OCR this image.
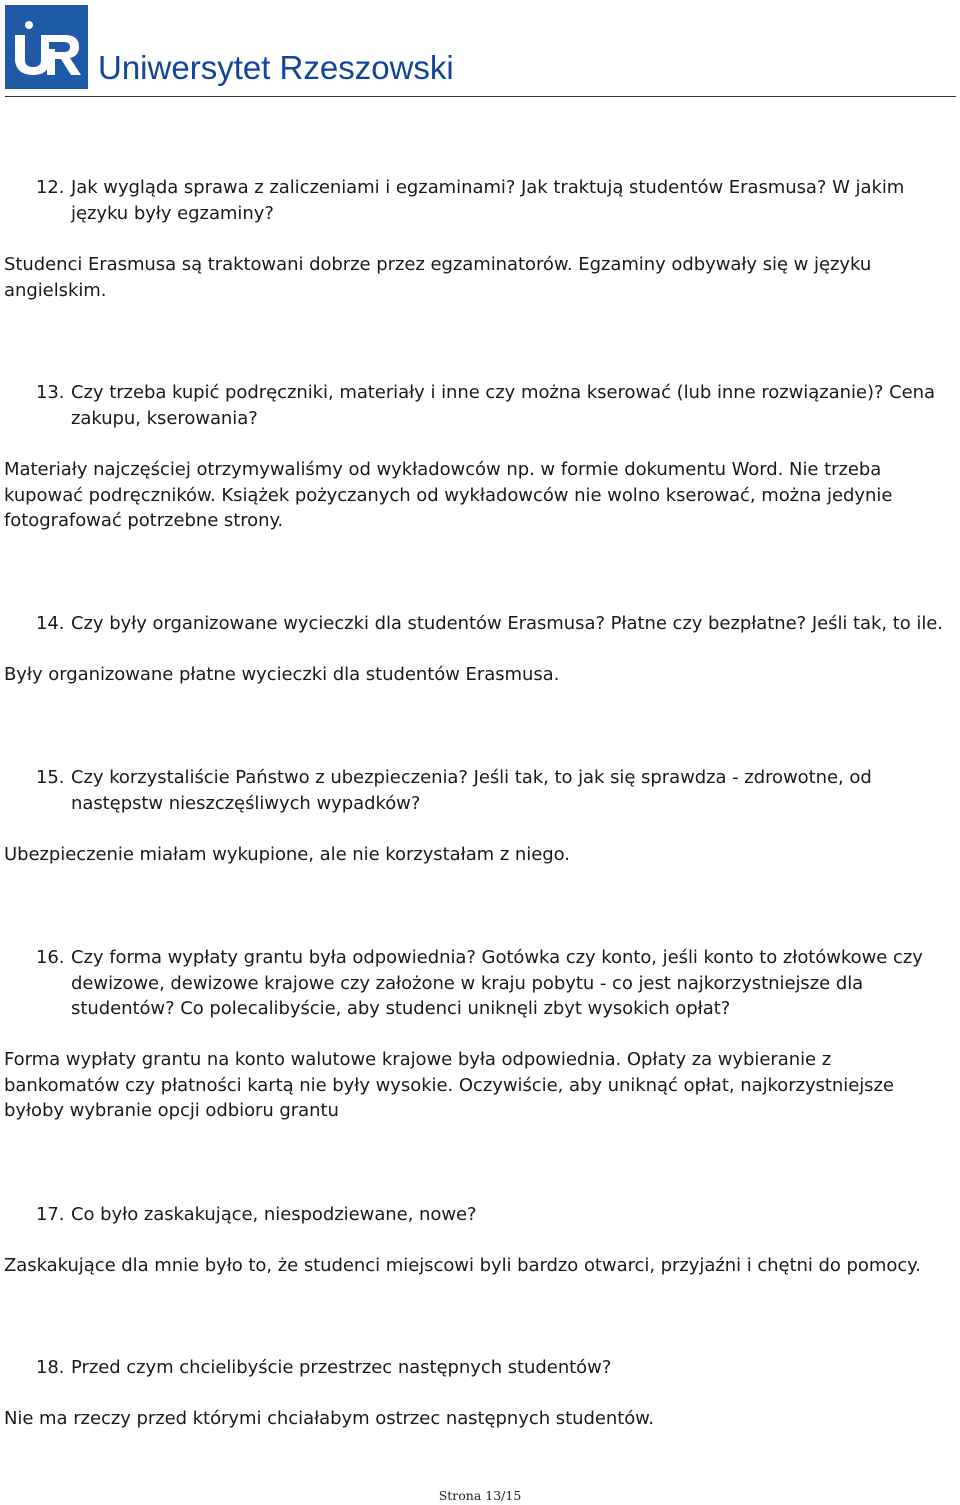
Uniwersytet Rzeszowski
12. Jak wygląda sprawa z zaliczeniami i egzaminami? Jak traktują studentów Erasmusa? W jakim języku były egzaminy?
Studenci Erasmusa są traktowani dobrze przez egzaminatorów. Egzaminy odbywały się w języku angielskim.
13. Czy trzeba kupić podręczniki, materiały i inne czy można kserować (lub inne rozwiązanie)? Cena zakupu, kserowania?
Materiały najczęściej otrzymywaliśmy od wykładowców np. w formie dokumentu Word. Nie trzeba kupować podręczników. Książek pożyczanych od wykładowców nie wolno kserować, można jedynie fotografować potrzebne strony.
14. Czy były organizowane wycieczki dla studentów Erasmusa? Płatne czy bezpłatne? Jeśli tak, to ile.
Były organizowane płatne wycieczki dla studentów Erasmusa.
15. Czy korzystaliście Państwo z ubezpieczenia? Jeśli tak, to jak się sprawdza - zdrowotne, od następstw nieszczęśliwych wypadków?
Ubezpieczenie miałam wykupione, ale nie korzystałam z niego.
16. Czy forma wypłaty grantu była odpowiednia? Gotówka czy konto, jeśli konto to złotówkowe czy dewizowe, dewizowe krajowe czy założone w kraju pobytu - co jest najkorzystniejsze dla studentów? Co polecalibyście, aby studenci uniknęli zbyt wysokich opłat?
Forma wypłaty grantu na konto walutowe krajowe była odpowiednia. Opłaty za wybieranie z bankomatów czy płatności kartą nie były wysokie. Oczywiście, aby uniknąć opłat, najkorzystniejsze byłoby wybranie opcji odbioru grantu
17. Co było zaskakujące, niespodziewane, nowe?
Zaskakujące dla mnie było to, że studenci miejscowi byli bardzo otwarci, przyjaźni i chętni do pomocy.
18. Przed czym chcielibyście przestrzec następnych studentów?
Nie ma rzeczy przed którymi chciałabym ostrzec następnych studentów.
Strona 13/15
